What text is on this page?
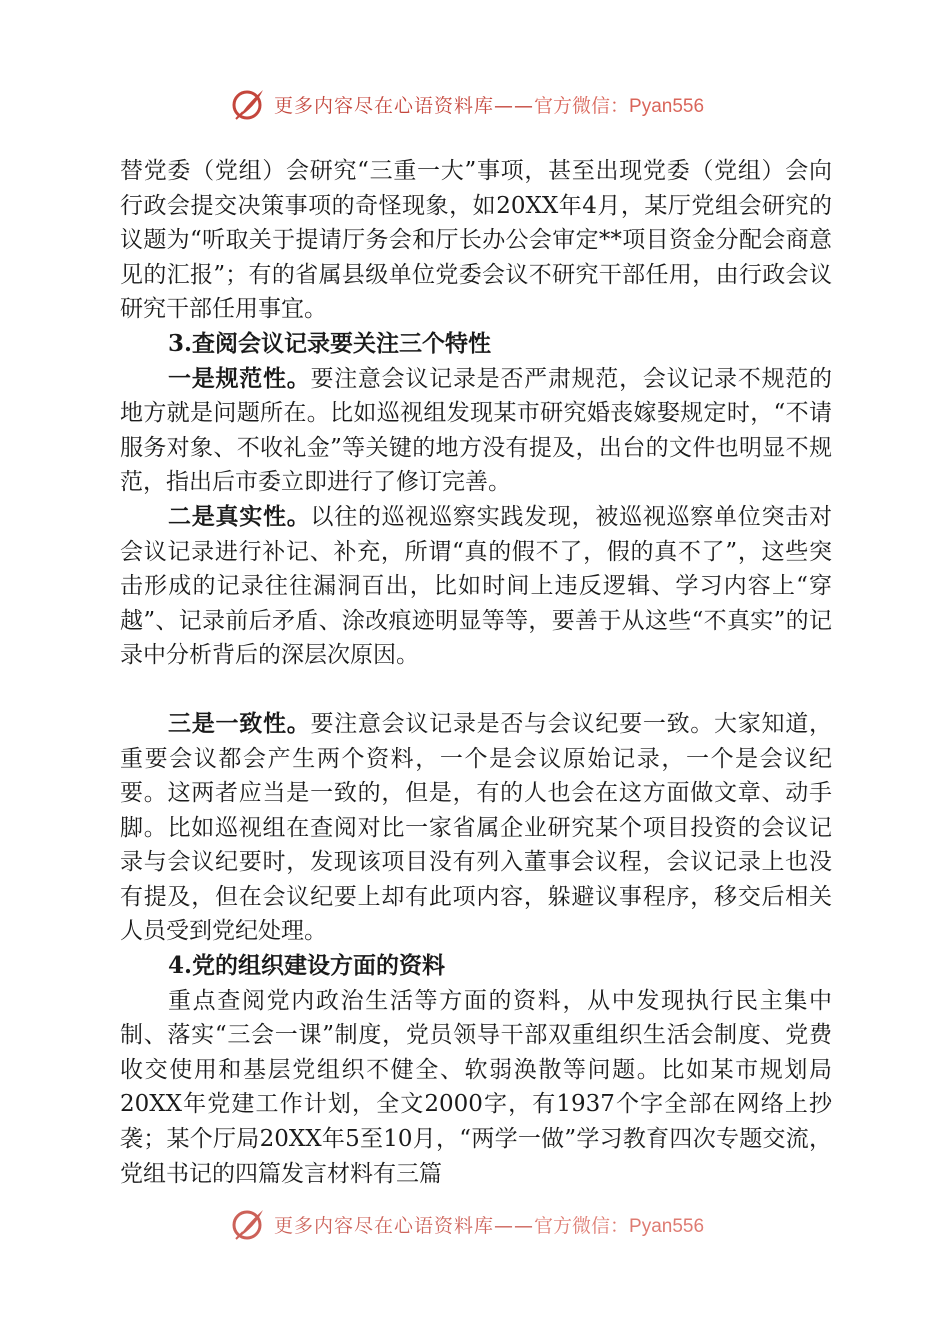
更多内容尽在心语资料库——官方微信：Pyan556

替党委（党组）会研究“三重一大”事项，甚至出现党委（党组）会向行政会提交决策事项的奇怪现象，如20XX年4月，某厅党组会研究的议题为“听取关于提请厅务会和厅长办公会审定**项目资金分配会商意见的汇报”；有的省属县级单位党委会议不研究干部任用，由行政会议研究干部任用事宜。

3.查阅会议记录要关注三个特性

一是规范性。要注意会议记录是否严肃规范，会议记录不规范的地方就是问题所在。比如巡视组发现某市研究婚丧嫁娶规定时，“不请服务对象、不收礼金”等关键的地方没有提及，出台的文件也明显不规范，指出后市委立即进行了修订完善。

二是真实性。以往的巡视巡察实践发现，被巡视巡察单位突击对会议记录进行补记、补充，所谓“真的假不了，假的真不了”，这些突击形成的记录往往漏洞百出，比如时间上违反逻辑、学习内容上“穿越”、记录前后矛盾、涂改痕迹明显等等，要善于从这些“不真实”的记录中分析背后的深层次原因。

三是一致性。要注意会议记录是否与会议纪要一致。大家知道，重要会议都会产生两个资料，一个是会议原始记录，一个是会议纪要。这两者应当是一致的，但是，有的人也会在这方面做文章、动手脚。比如巡视组在查阅对比一家省属企业研究某个项目投资的会议记录与会议纪要时，发现该项目没有列入董事会议程，会议记录上也没有提及，但在会议纪要上却有此项内容，躲避议事程序，移交后相关人员受到党纪处理。

4.党的组织建设方面的资料

重点查阅党内政治生活等方面的资料，从中发现执行民主集中制、落实“三会一课”制度，党员领导干部双重组织生活会制度、党费收交使用和基层党组织不健全、软弱涣散等问题。比如某市规划局20XX年党建工作计划，全文2000字，有1937个字全部在网络上抄袭；某个厅局20XX年5至10月，“两学一做”学习教育四次专题交流，党组书记的四篇发言材料有三篇

更多内容尽在心语资料库——官方微信：Pyan556
